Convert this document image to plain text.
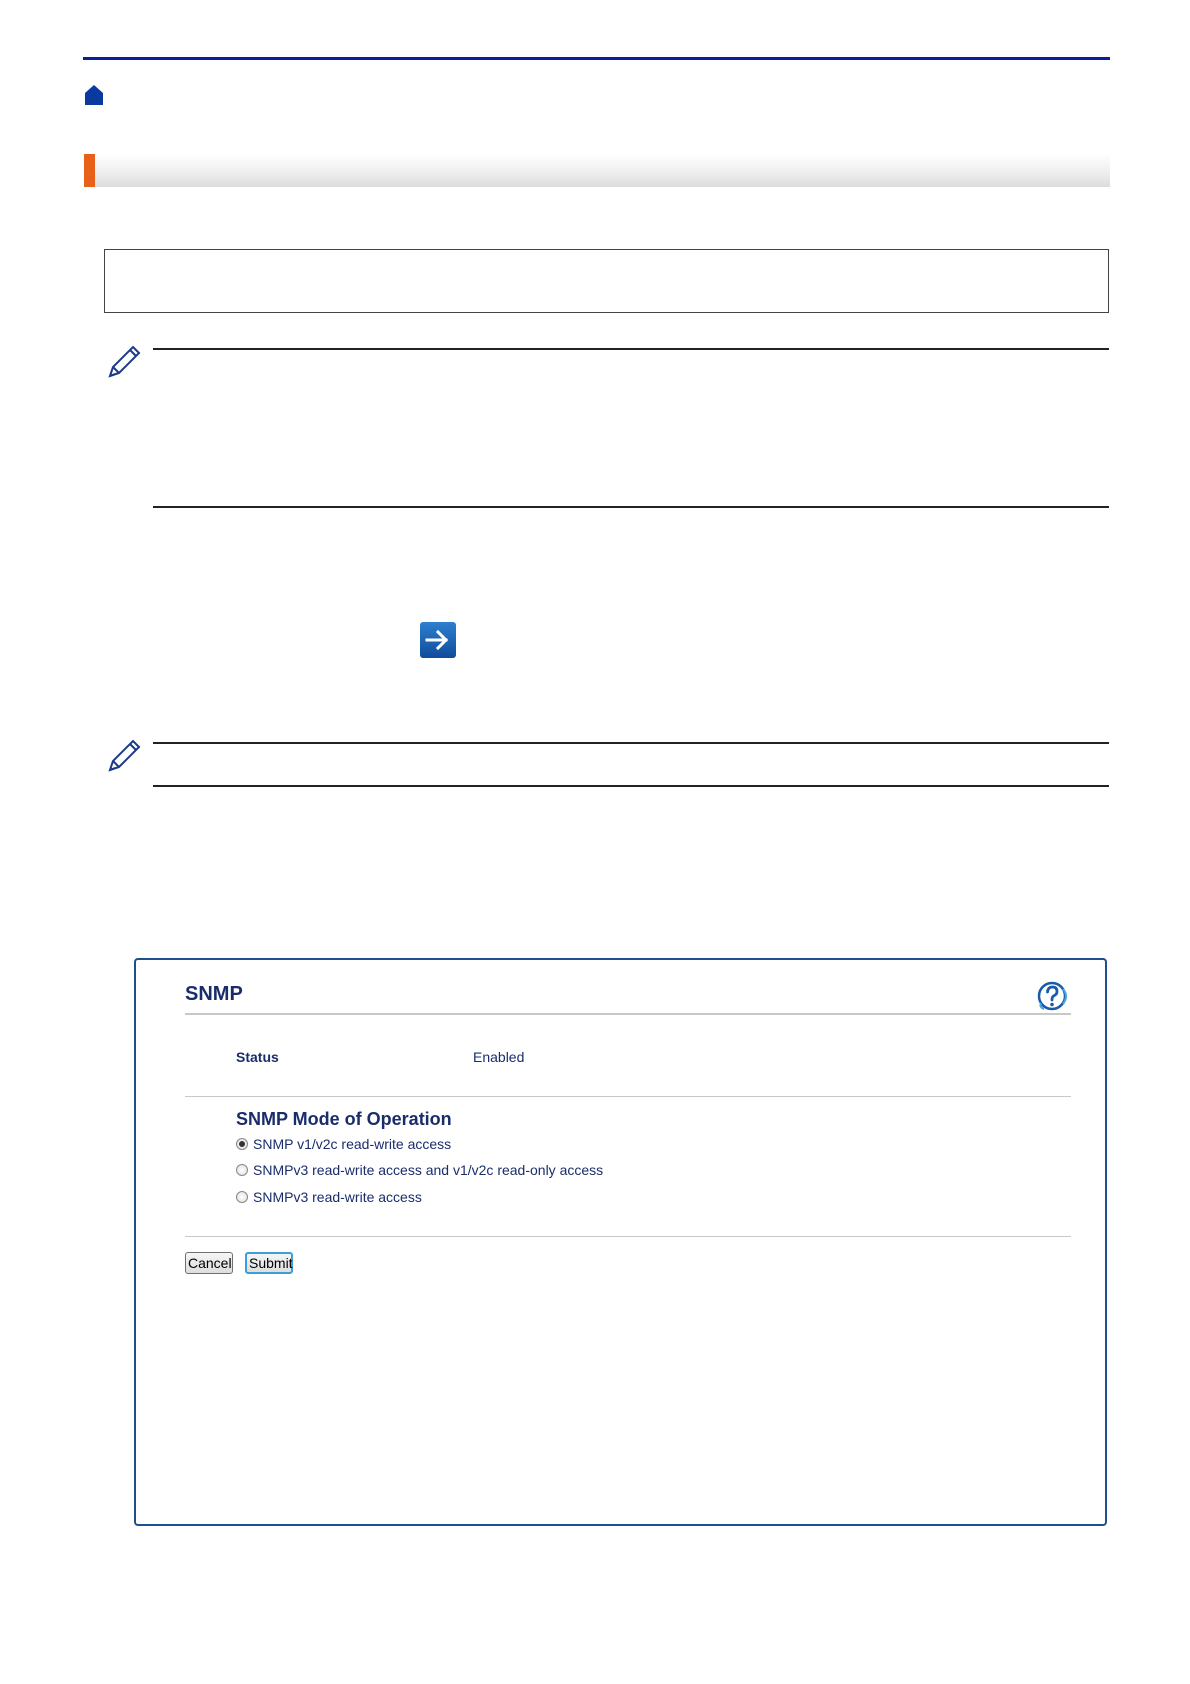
SNMP
Status	Enabled
SNMP Mode of Operation
SNMP v1/v2c read-write access
SNMPv3 read-write access and v1/v2c read-only access
SNMPv3 read-write access
Cancel Submit
